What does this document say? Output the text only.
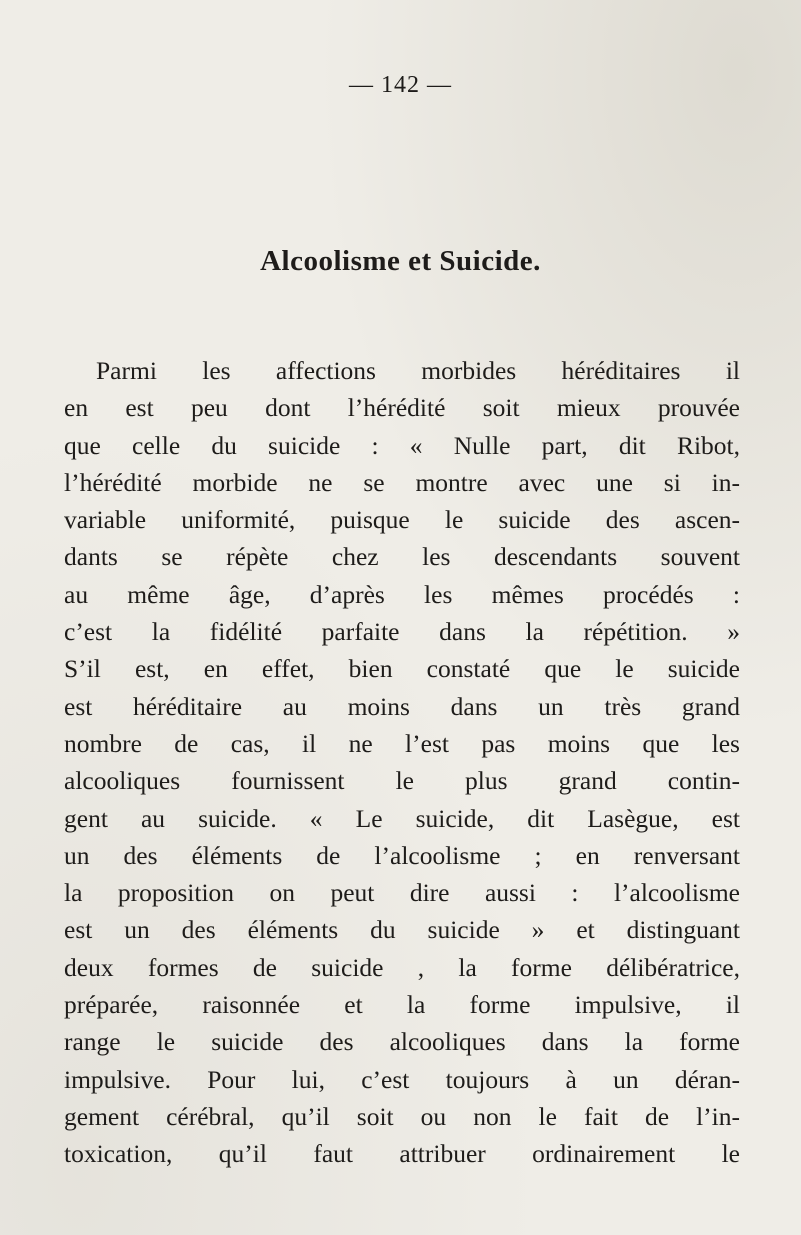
— 142 —
Alcoolisme et Suicide.
Parmi les affections morbides héréditaires il
en est peu dont l’hérédité soit mieux prouvée
que celle du suicide : « Nulle part, dit Ribot,
l’hérédité morbide ne se montre avec une si in-
variable uniformité, puisque le suicide des ascen-
dants se répète chez les descendants souvent
au même âge, d’après les mêmes procédés :
c’est la fidélité parfaite dans la répétition. »
S’il est, en effet, bien constaté que le suicide
est héréditaire au moins dans un très grand
nombre de cas, il ne l’est pas moins que les
alcooliques fournissent le plus grand contin-
gent au suicide. « Le suicide, dit Lasègue, est
un des éléments de l’alcoolisme ; en renversant
la proposition on peut dire aussi : l’alcoolisme
est un des éléments du suicide » et distinguant
deux formes de suicide , la forme délibératrice,
préparée, raisonnée et la forme impulsive, il
range le suicide des alcooliques dans la forme
impulsive. Pour lui, c’est toujours à un déran-
gement cérébral, qu’il soit ou non le fait de l’in-
toxication, qu’il faut attribuer ordinairement le
